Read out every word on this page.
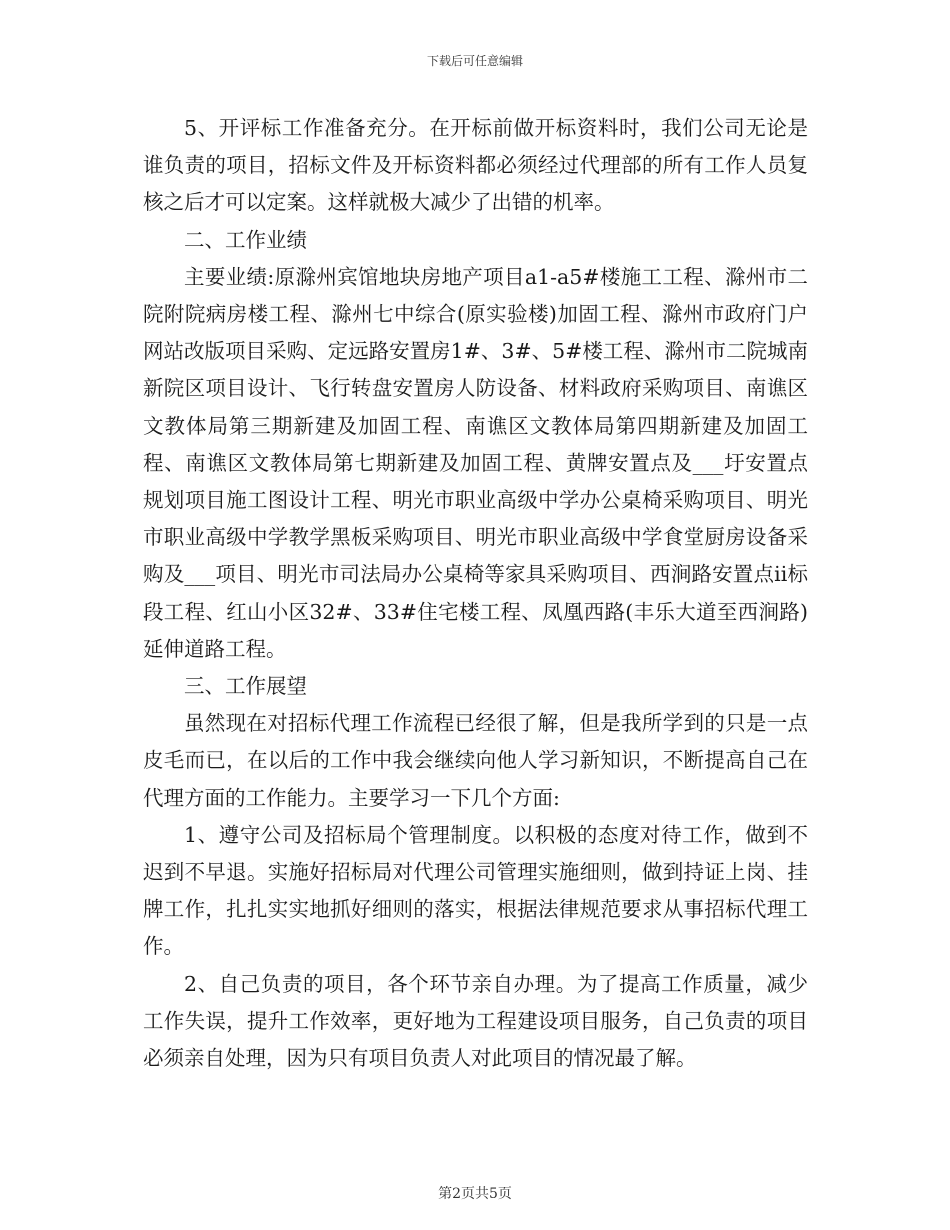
下载后可任意编辑

5、开评标工作准备充分。在开标前做开标资料时，我们公司无论是谁负责的项目，招标文件及开标资料都必须经过代理部的所有工作人员复核之后才可以定案。这样就极大减少了出错的机率。

二、工作业绩

主要业绩:原滁州宾馆地块房地产项目a1-a5#楼施工工程、滁州市二院附院病房楼工程、滁州七中综合(原实验楼)加固工程、滁州市政府门户网站改版项目采购、定远路安置房1#、3#、5#楼工程、滁州市二院城南新院区项目设计、飞行转盘安置房人防设备、材料政府采购项目、南谯区文教体局第三期新建及加固工程、南谯区文教体局第四期新建及加固工程、南谯区文教体局第七期新建及加固工程、黄牌安置点及___圩安置点规划项目施工图设计工程、明光市职业高级中学办公桌椅采购项目、明光市职业高级中学教学黑板采购项目、明光市职业高级中学食堂厨房设备采购及___项目、明光市司法局办公桌椅等家具采购项目、西涧路安置点ii标段工程、红山小区32#、33#住宅楼工程、凤凰西路(丰乐大道至西涧路)延伸道路工程。

三、工作展望

虽然现在对招标代理工作流程已经很了解，但是我所学到的只是一点皮毛而已，在以后的工作中我会继续向他人学习新知识，不断提高自己在代理方面的工作能力。主要学习一下几个方面:

1、遵守公司及招标局个管理制度。以积极的态度对待工作，做到不迟到不早退。实施好招标局对代理公司管理实施细则，做到持证上岗、挂牌工作，扎扎实实地抓好细则的落实，根据法律规范要求从事招标代理工作。

2、自己负责的项目，各个环节亲自办理。为了提高工作质量，减少工作失误，提升工作效率，更好地为工程建设项目服务，自己负责的项目必须亲自处理，因为只有项目负责人对此项目的情况最了解。

第2页共5页
